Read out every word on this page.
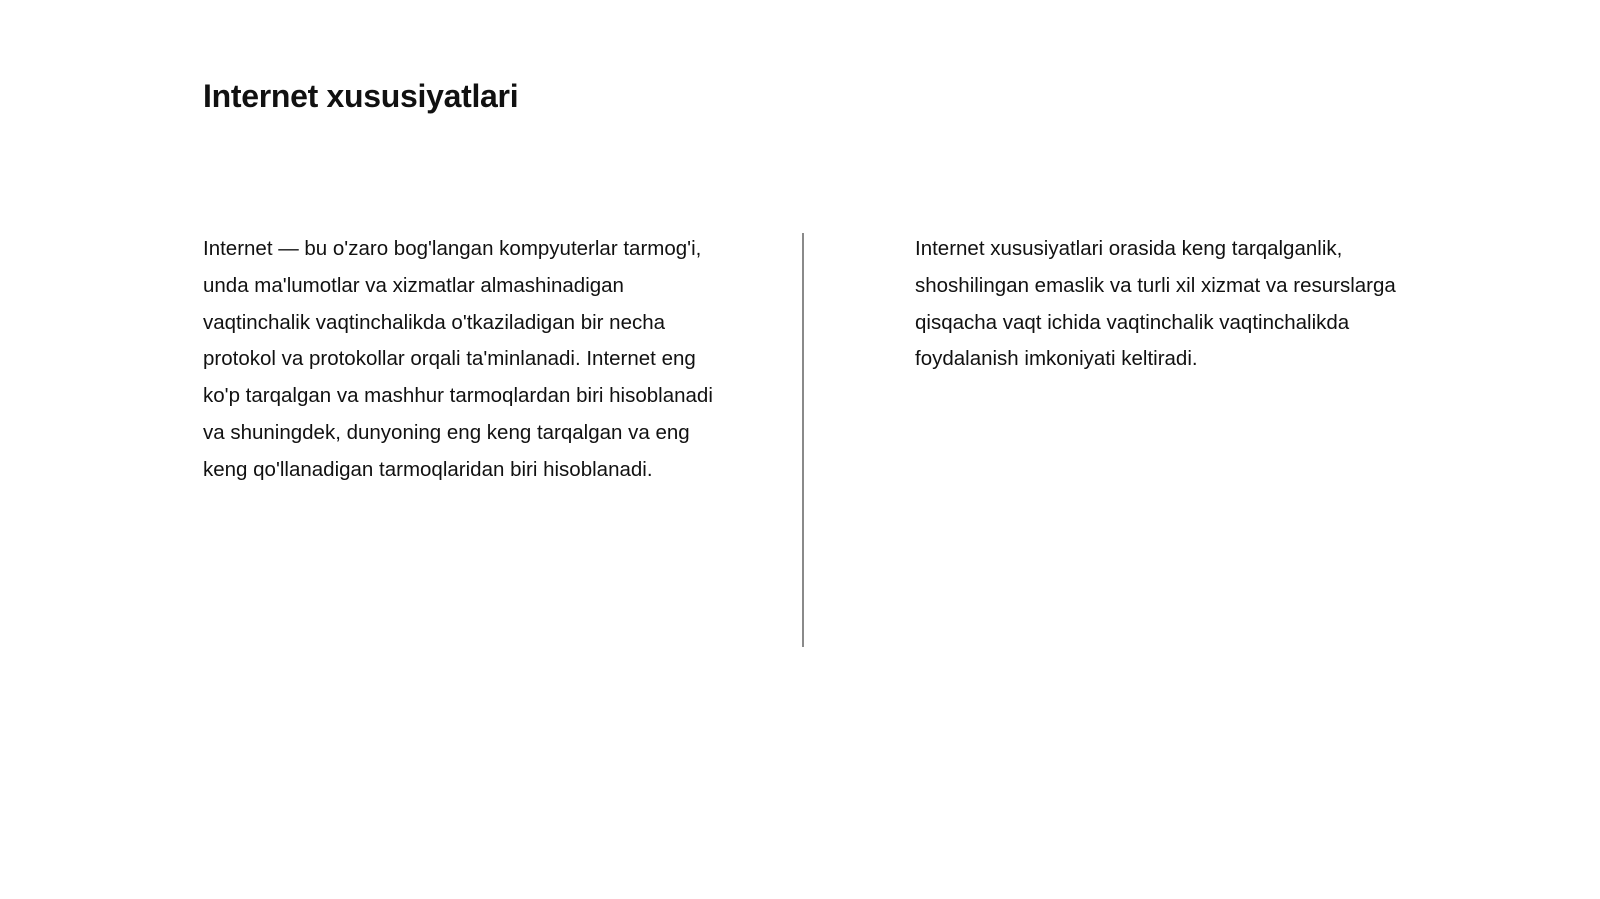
Internet xususiyatlari

Internet — bu o'zaro bog'langan kompyuterlar tarmog'i, unda ma'lumotlar va xizmatlar almashinadigan vaqtinchalik vaqtinchalikda o'tkaziladigan bir necha protokol va protokollar orqali ta'minlanadi. Internet eng ko'p tarqalgan va mashhur tarmoqlardan biri hisoblanadi va shuningdek, dunyoning eng keng tarqalgan va eng keng qo'llanadigan tarmoqlaridan biri hisoblanadi.

Internet xususiyatlari orasida keng tarqalganlik, shoshilingan emaslik va turli xil xizmat va resurslarga qisqacha vaqt ichida vaqtinchalik vaqtinchalikda foydalanish imkoniyati keltiradi.
